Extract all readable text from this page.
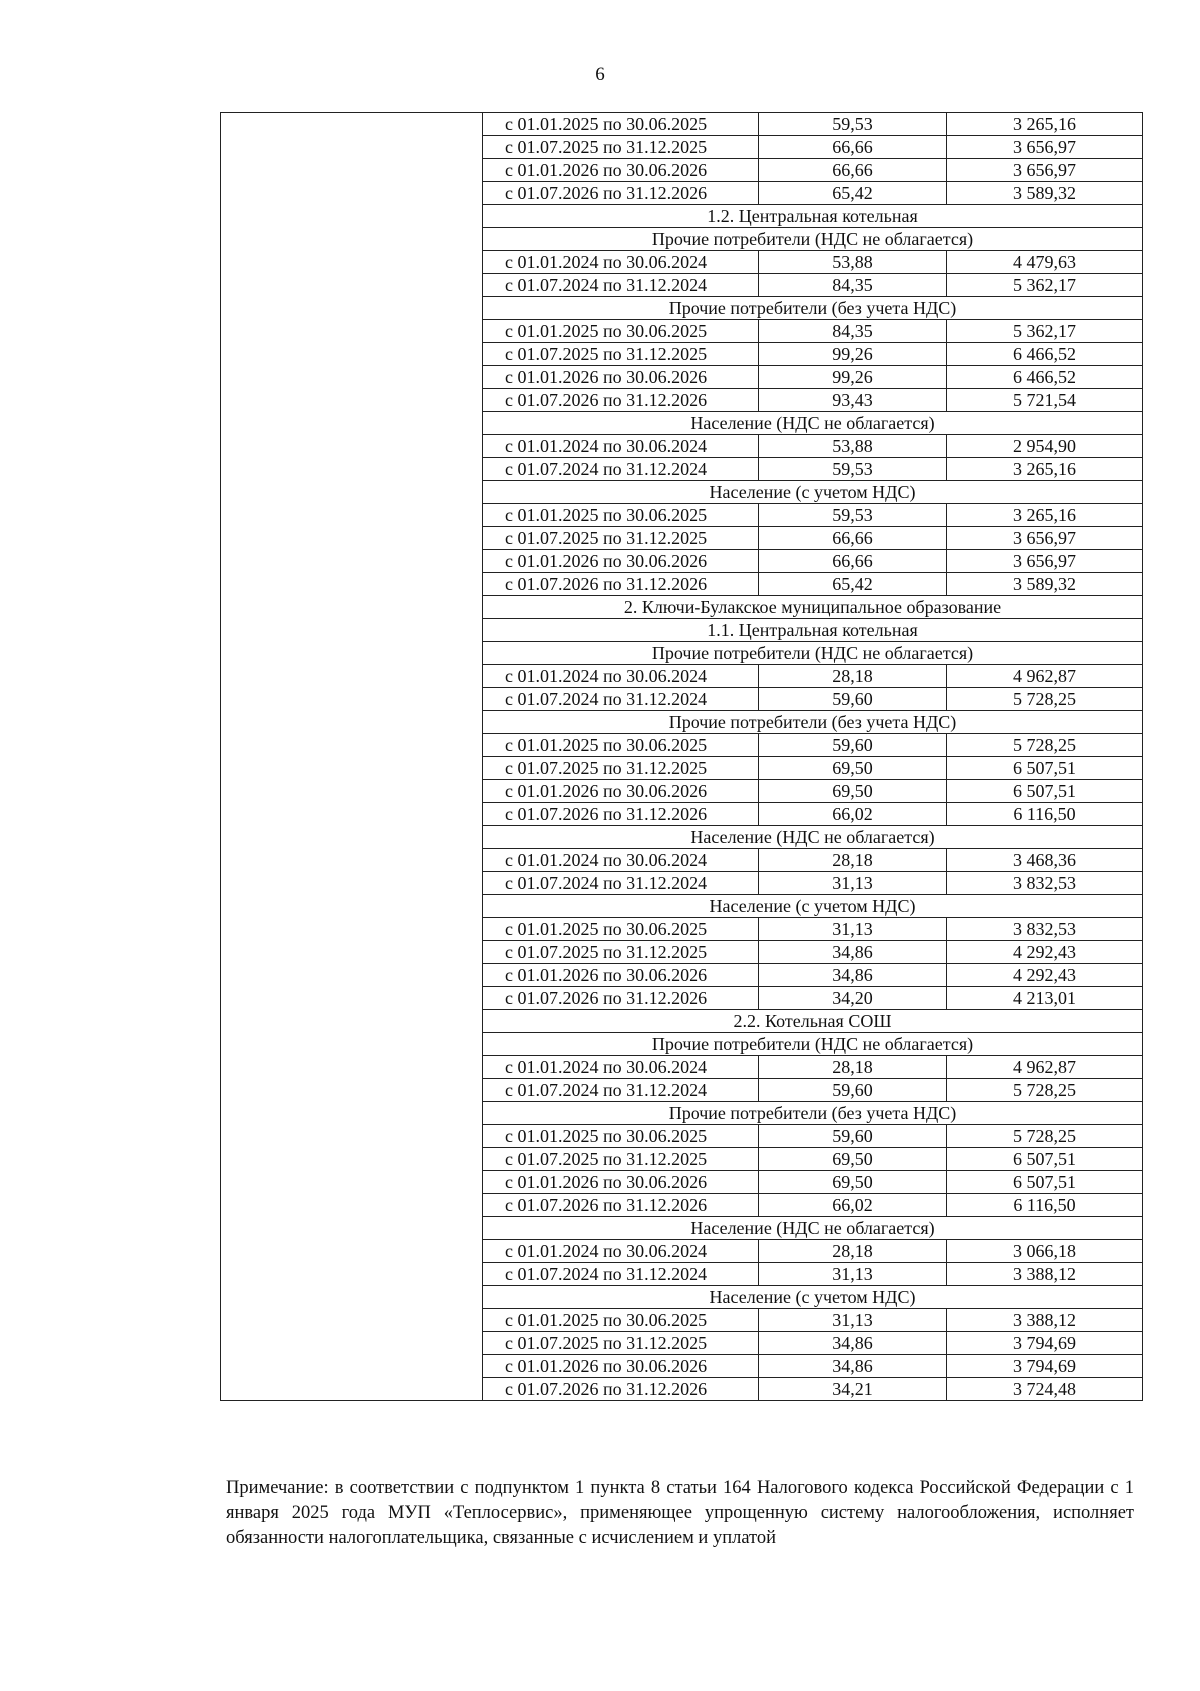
6
	с 01.01.2025 по 30.06.2025	59,53	3 265,16
	с 01.07.2025 по 31.12.2025	66,66	3 656,97
	с 01.01.2026 по 30.06.2026	66,66	3 656,97
	с 01.07.2026 по 31.12.2026	65,42	3 589,32
	1.2. Центральная котельная		
	Прочие потребители (НДС не облагается)		
	с 01.01.2024 по 30.06.2024	53,88	4 479,63
	с 01.07.2024 по 31.12.2024	84,35	5 362,17
	Прочие потребители (без учета НДС)		
	с 01.01.2025 по 30.06.2025	84,35	5 362,17
	с 01.07.2025 по 31.12.2025	99,26	6 466,52
	с 01.01.2026 по 30.06.2026	99,26	6 466,52
	с 01.07.2026 по 31.12.2026	93,43	5 721,54
	Население (НДС не облагается)		
	с 01.01.2024 по 30.06.2024	53,88	2 954,90
	с 01.07.2024 по 31.12.2024	59,53	3 265,16
	Население (с учетом НДС)		
	с 01.01.2025 по 30.06.2025	59,53	3 265,16
	с 01.07.2025 по 31.12.2025	66,66	3 656,97
	с 01.01.2026 по 30.06.2026	66,66	3 656,97
	с 01.07.2026 по 31.12.2026	65,42	3 589,32
	2. Ключи-Булакское муниципальное образование		
	1.1. Центральная котельная		
	Прочие потребители (НДС не облагается)		
	с 01.01.2024 по 30.06.2024	28,18	4 962,87
	с 01.07.2024 по 31.12.2024	59,60	5 728,25
	Прочие потребители (без учета НДС)		
	с 01.01.2025 по 30.06.2025	59,60	5 728,25
	с 01.07.2025 по 31.12.2025	69,50	6 507,51
	с 01.01.2026 по 30.06.2026	69,50	6 507,51
	с 01.07.2026 по 31.12.2026	66,02	6 116,50
	Население (НДС не облагается)		
	с 01.01.2024 по 30.06.2024	28,18	3 468,36
	с 01.07.2024 по 31.12.2024	31,13	3 832,53
	Население (с учетом НДС)		
	с 01.01.2025 по 30.06.2025	31,13	3 832,53
	с 01.07.2025 по 31.12.2025	34,86	4 292,43
	с 01.01.2026 по 30.06.2026	34,86	4 292,43
	с 01.07.2026 по 31.12.2026	34,20	4 213,01
	2.2. Котельная СОШ		
	Прочие потребители (НДС не облагается)		
	с 01.01.2024 по 30.06.2024	28,18	4 962,87
	с 01.07.2024 по 31.12.2024	59,60	5 728,25
	Прочие потребители (без учета НДС)		
	с 01.01.2025 по 30.06.2025	59,60	5 728,25
	с 01.07.2025 по 31.12.2025	69,50	6 507,51
	с 01.01.2026 по 30.06.2026	69,50	6 507,51
	с 01.07.2026 по 31.12.2026	66,02	6 116,50
	Население (НДС не облагается)		
	с 01.01.2024 по 30.06.2024	28,18	3 066,18
	с 01.07.2024 по 31.12.2024	31,13	3 388,12
	Население (с учетом НДС)		
	с 01.01.2025 по 30.06.2025	31,13	3 388,12
	с 01.07.2025 по 31.12.2025	34,86	3 794,69
	с 01.01.2026 по 30.06.2026	34,86	3 794,69
	с 01.07.2026 по 31.12.2026	34,21	3 724,48
Примечание: в соответствии с подпунктом 1 пункта 8 статьи 164 Налогового кодекса Российской Федерации с 1 января 2025 года МУП «Теплосервис», применяющее упрощенную систему налогообложения, исполняет обязанности налогоплательщика, связанные с исчислением и уплатой
